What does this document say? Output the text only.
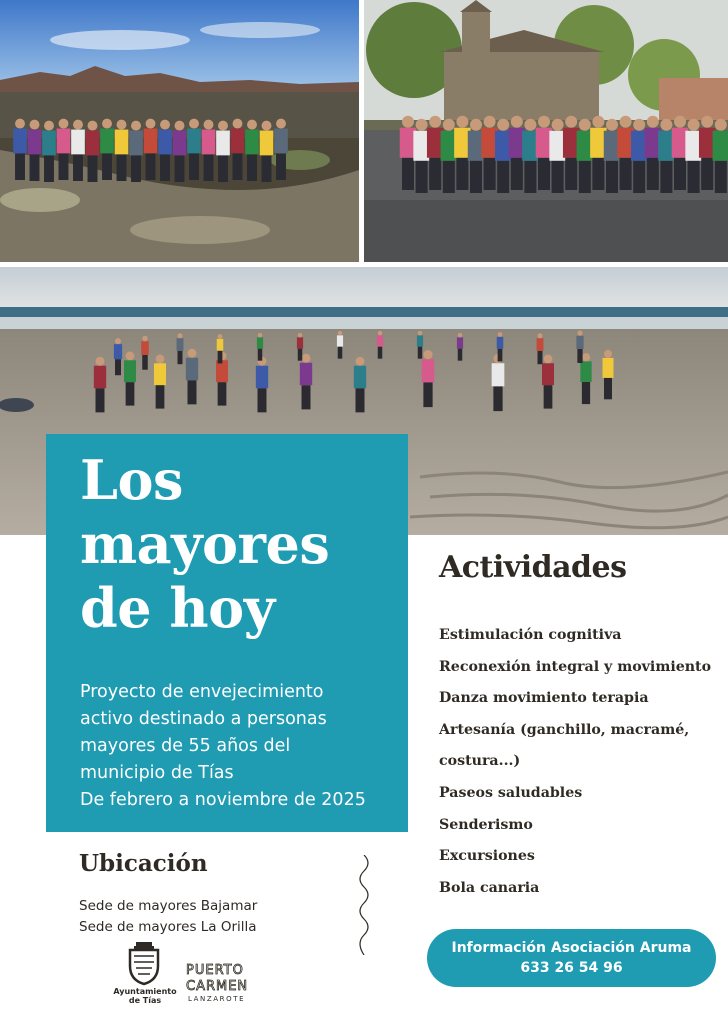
Los
mayores
de hoy
Proyecto de envejecimiento
activo destinado a personas
mayores de 55 años del
municipio de Tías
De febrero a noviembre de 2025
Actividades
Estimulación cognitiva
Reconexión integral y movimiento
Danza movimiento terapia
Artesanía (ganchillo, macramé,
costura...)
Paseos saludables
Senderismo
Excursiones
Bola canaria
Ubicación
Sede de mayores Bajamar
Sede de mayores La Orilla
Ayuntamiento
de Tías
PUERTO
CARMEN
LANZAROTE
Información Asociación Aruma
633 26 54 96
